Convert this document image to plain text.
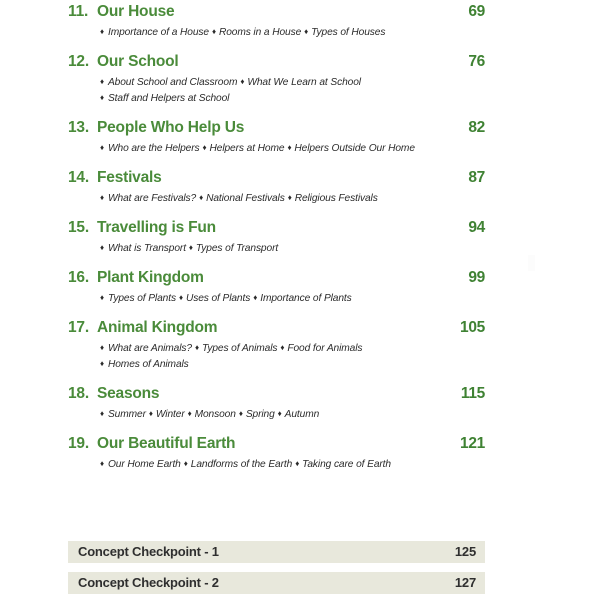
11. Our House	69
♦ Importance of a House ♦ Rooms in a House ♦ Types of Houses
12. Our School	76
♦ About School and Classroom ♦ What We Learn at School
♦ Staff and Helpers at School
13. People Who Help Us	82
♦ Who are the Helpers ♦ Helpers at Home ♦ Helpers Outside Our Home
14. Festivals	87
♦ What are Festivals? ♦ National Festivals ♦ Religious Festivals
15. Travelling is Fun	94
♦ What is Transport ♦ Types of Transport
16. Plant Kingdom	99
♦ Types of Plants ♦ Uses of Plants ♦ Importance of Plants
17. Animal Kingdom	105
♦ What are Animals? ♦ Types of Animals ♦ Food for Animals
♦ Homes of Animals
18. Seasons	115
♦ Summer ♦ Winter ♦ Monsoon ♦ Spring ♦ Autumn
19. Our Beautiful Earth	121
♦ Our Home Earth ♦ Landforms of the Earth ♦ Taking care of Earth
Concept Checkpoint - 1	125
Concept Checkpoint - 2	127
